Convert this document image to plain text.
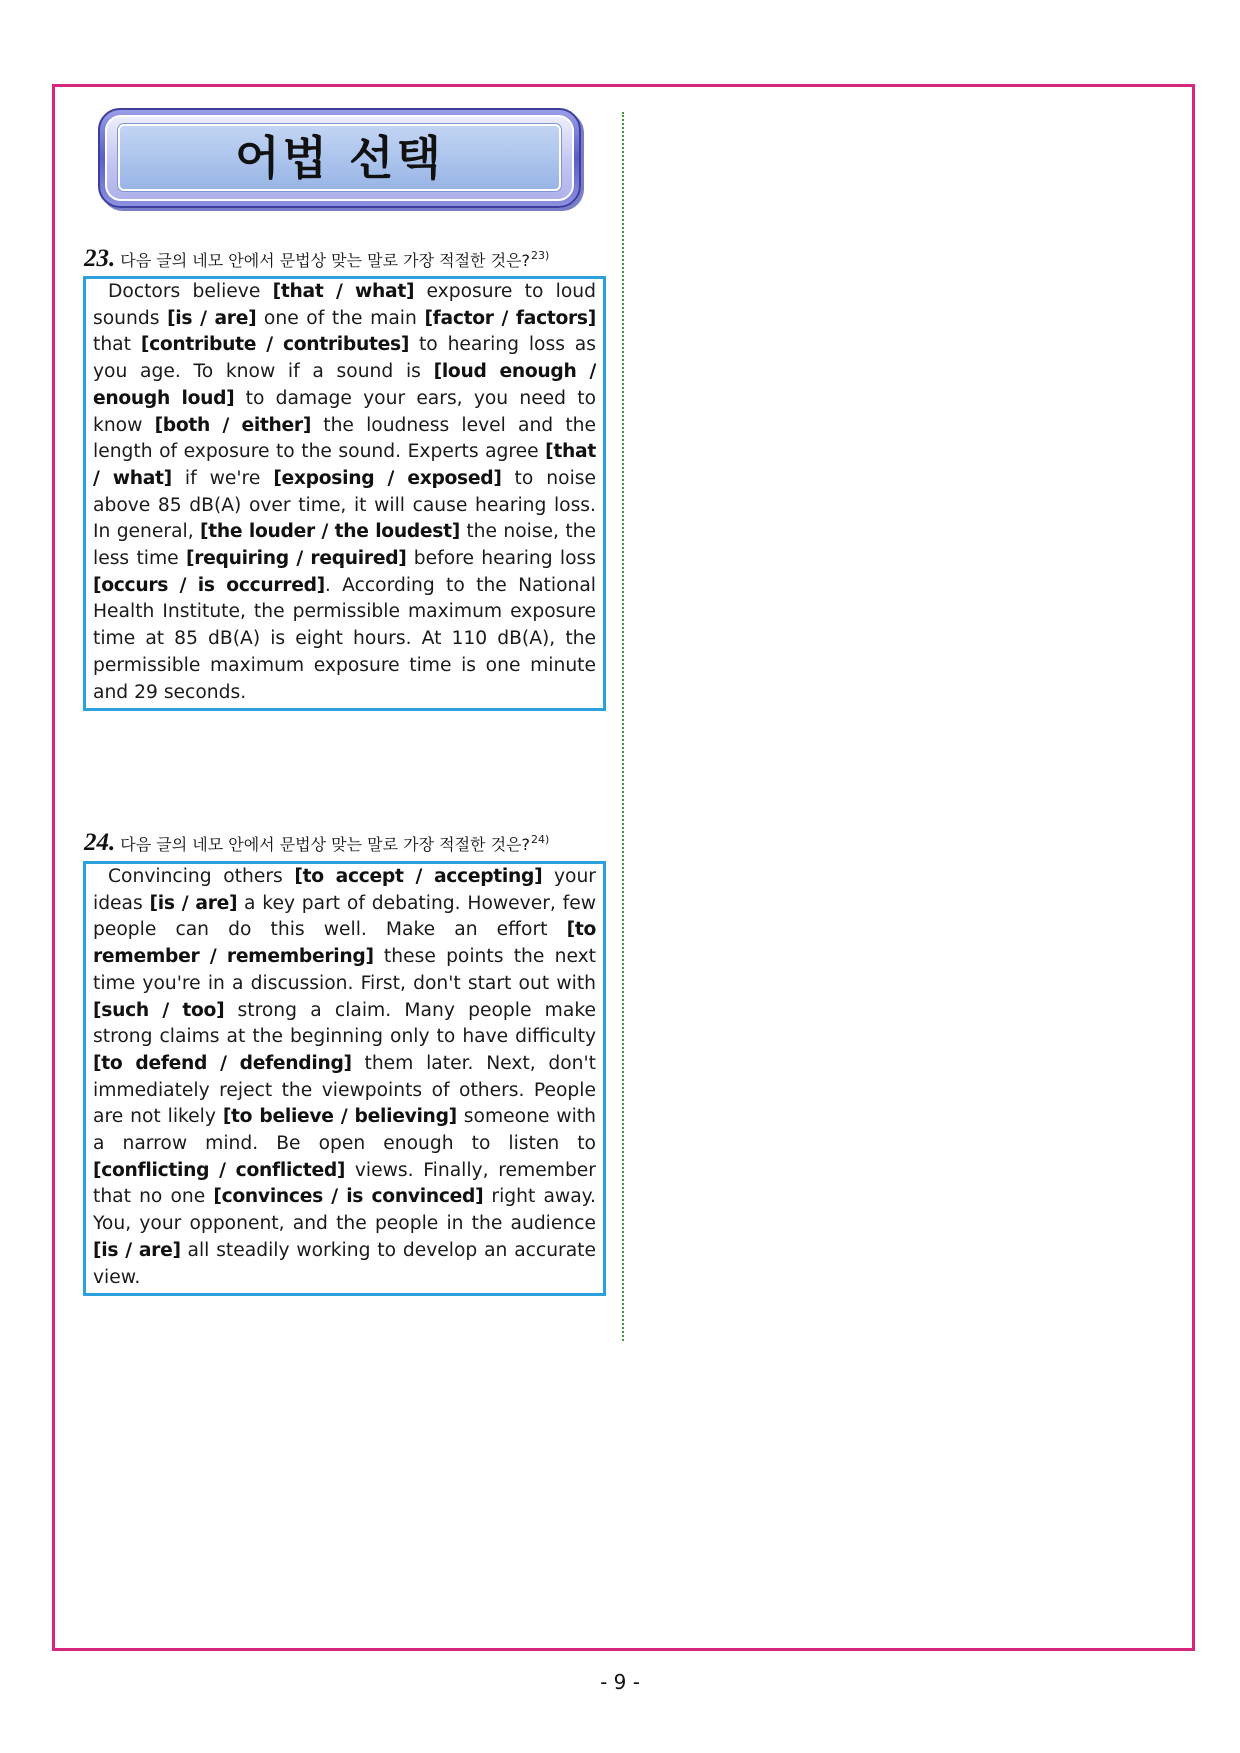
어법 선택
23. 다음 글의 네모 안에서 문법상 맞는 말로 가장 적절한 것은?$^{23)}$
Doctors believe [that / what] exposure to loud sounds [is / are] one of the main [factor / factors] that [contribute / contributes] to hearing loss as you age. To know if a sound is [loud enough / enough loud] to damage your ears, you need to know [both / either] the loudness level and the length of exposure to the sound. Experts agree [that / what] if we're [exposing / exposed] to noise above 85 dB(A) over time, it will cause hearing loss. In general, [the louder / the loudest] the noise, the less time [requiring / required] before hearing loss [occurs / is occurred]. According to the National Health Institute, the permissible maximum exposure time at 85 dB(A) is eight hours. At 110 dB(A), the permissible maximum exposure time is one minute and 29 seconds.
24. 다음 글의 네모 안에서 문법상 맞는 말로 가장 적절한 것은?$^{24)}$
Convincing others [to accept / accepting] your ideas [is / are] a key part of debating. However, few people can do this well. Make an effort [to remember / remembering] these points the next time you're in a discussion. First, don't start out with [such / too] strong a claim. Many people make strong claims at the beginning only to have difficulty [to defend / defending] them later. Next, don't immediately reject the viewpoints of others. People are not likely [to believe / believing] someone with a narrow mind. Be open enough to listen to [conflicting / conflicted] views. Finally, remember that no one [convinces / is convinced] right away. You, your opponent, and the people in the audience [is / are] all steadily working to develop an accurate view.
- 9 -
